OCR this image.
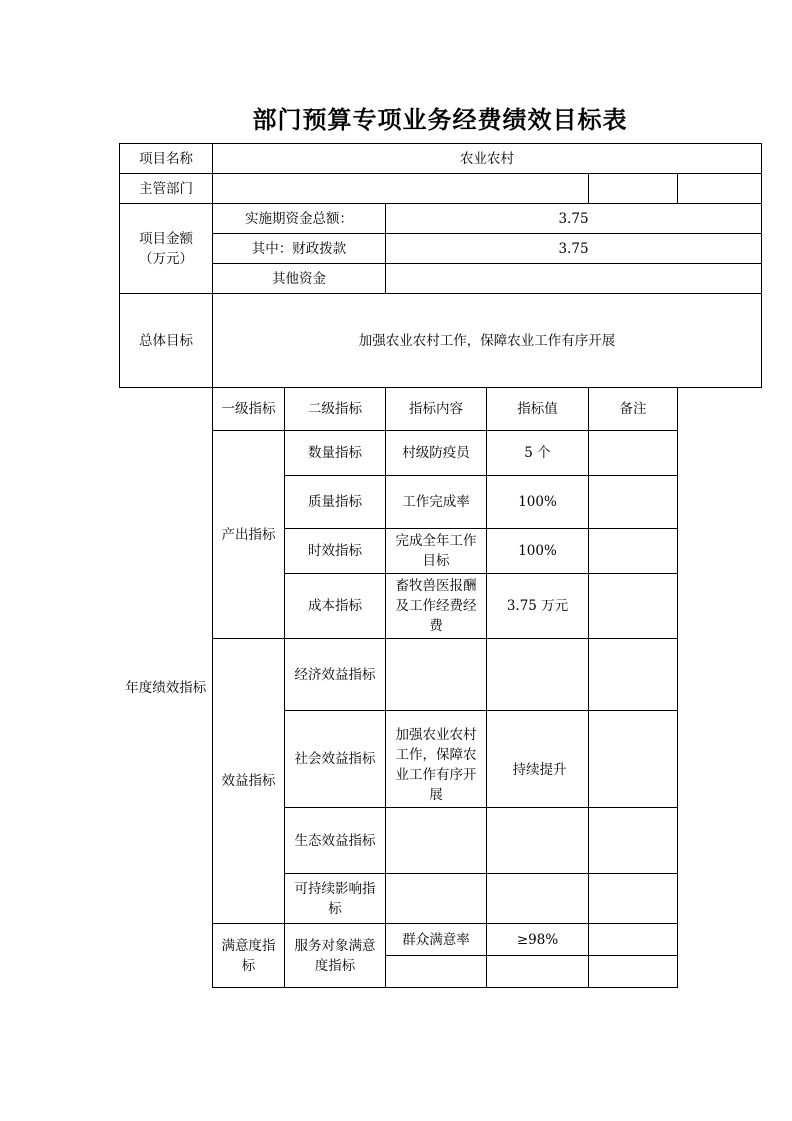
部门预算专项业务经费绩效目标表
项目名称	农业农村					
主管部门						
项目金额
（万元）	实施期资金总额：		3.75			
	其中：财政拨款		3.75			
	其他资金					
总体目标	加强农业农村工作，保障农业工作有序开展					
年度绩效指标	一级指标	二级指标	指标内容	指标值	备注	
	产出指标	数量指标	村级防疫员	5 个		
		质量指标	工作完成率	100%		
		时效指标	完成全年工作目标	100%		
		成本指标	畜牧兽医报酬及工作经费经费	3.75 万元		
	效益指标	经济效益指标				
		社会效益指标	加强农业农村工作，保障农业工作有序开展	持续提升		
		生态效益指标				
		可持续影响指标				
	满意度指标	服务对象满意度指标	群众满意率	≥98%		
